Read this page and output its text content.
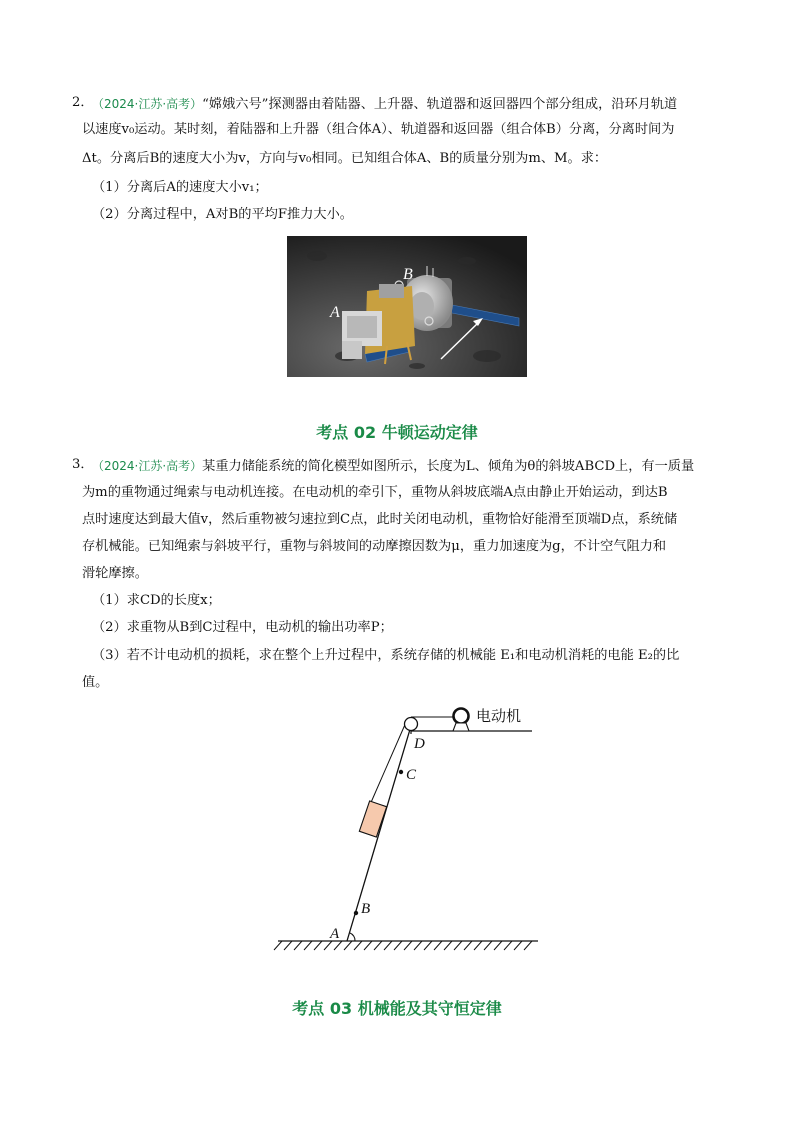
2．
（2024·江苏·高考）“嫦娥六号”探测器由着陆器、上升器、轨道器和返回器四个部分组成，沿环月轨道
以速度v₀运动。某时刻，着陆器和上升器（组合体A）、轨道器和返回器（组合体B）分离，分离时间为
Δt。分离后B的速度大小为v，方向与v₀相同。已知组合体A、B的质量分别为m、M。求：
（1）分离后A的速度大小v₁；
（2）分离过程中，A对B的平均F推力大小。
A
B
考点 02 牛顿运动定律
3．
（2024·江苏·高考）某重力储能系统的简化模型如图所示，长度为L、倾角为θ的斜坡ABCD上，有一质量
为m的重物通过绳索与电动机连接。在电动机的牵引下，重物从斜坡底端A点由静止开始运动，到达B
点时速度达到最大值v，然后重物被匀速拉到C点，此时关闭电动机，重物恰好能滑至顶端D点，系统储
存机械能。已知绳索与斜坡平行，重物与斜坡间的动摩擦因数为μ，重力加速度为g，不计空气阻力和
滑轮摩擦。
（1）求CD的长度x；
（2）求重物从B到C过程中，电动机的输出功率P；
（3）若不计电动机的损耗，求在整个上升过程中，系统存储的机械能 E₁和电动机消耗的电能 E₂的比
值。
电动机
D
C
B
A
考点 03 机械能及其守恒定律
